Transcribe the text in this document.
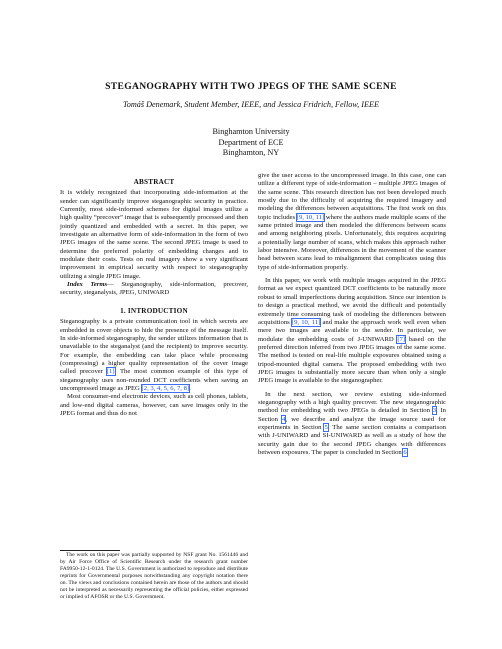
STEGANOGRAPHY WITH TWO JPEGS OF THE SAME SCENE
Tomáš Denemark, Student Member, IEEE, and Jessica Fridrich, Fellow, IEEE
Binghamton University
Department of ECE
Binghamton, NY
ABSTRACT

It is widely recognized that incorporating side-information at the sender can significantly improve steganographic security in practice. Currently, most side-informed schemes for digital images utilize a high quality “precover” image that is subsequently processed and then jointly quantized and embedded with a secret. In this paper, we investigate an alternative form of side-information in the form of two JPEG images of the same scene. The second JPEG image is used to determine the preferred polarity of embedding changes and to modulate their costs. Tests on real imagery show a very significant improvement in empirical security with respect to steganography utilizing a single JPEG image.

Index Terms— Steganography, side-information, precover, security, steganalysis, JPEG, UNIWARD

1. INTRODUCTION

Steganography is a private communication tool in which secrets are embedded in cover objects to hide the presence of the message itself. In side-informed steganography, the sender utilizes information that is unavailable to the steganalyst (and the recipient) to improve security. For example, the embedding can take place while processing (compressing) a higher quality representation of the cover image called precover [1]. The most common example of this type of steganography uses non-rounded DCT coefficients when saving an uncompressed image as JPEG [2, 3, 4, 5, 6, 7, 8].

Most consumer-end electronic devices, such as cell phones, tablets, and low-end digital cameras, however, can save images only in the JPEG format and thus do not

The work on this paper was partially supported by NSF grant No. 1561446 and by Air Force Office of Scientific Research under the research grant number FA9950-12-1-0124. The U.S. Government is authorized to reproduce and distribute reprints for Governmental purposes notwithstanding any copyright notation there on. The views and conclusions contained herein are those of the authors and should not be interpreted as necessarily representing the official policies, either expressed or implied of AFOSR or the U.S. Government.

give the user access to the uncompressed image. In this case, one can utilize a different type of side-information – multiple JPEG images of the same scene. This research direction has not been developed much mostly due to the difficulty of acquiring the required imagery and modeling the differences between acquisitions. The first work on this topic includes [9, 10, 11] where the authors made multiple scans of the same printed image and then modeled the differences between scans and among neighboring pixels. Unfortunately, this requires acquiring a potentially large number of scans, which makes this approach rather labor intensive. Moreover, differences in the movement of the scanner head between scans lead to misalignment that complicates using this type of side-information properly.

In this paper, we work with multiple images acquired in the JPEG format as we expect quantized DCT coefficients to be naturally more robust to small imperfections during acquisition. Since our intention is to design a practical method, we avoid the difficult and potentially extremely time consuming task of modeling the differences between acquisitions [9, 10, 11] and make the approach work well even when mere two images are available to the sender. In particular, we modulate the embedding costs of J-UNIWARD [7] based on the preferred direction inferred from two JPEG images of the same scene. The method is tested on real-life multiple exposures obtained using a tripod-mounted digital camera. The proposed embedding with two JPEG images is substantially more secure than when only a single JPEG image is available to the steganographer.

In the next section, we review existing side-informed steganography with a high quality precover. The new steganographic method for embedding with two JPEGs is detailed in Section 3. In Section 4, we describe and analyze the image source used for experiments in Section 5. The same section contains a comparison with J-UNIWARD and SI-UNIWARD as well as a study of how the security gain due to the second JPEG changes with differences between exposures. The paper is concluded in Section 6.
